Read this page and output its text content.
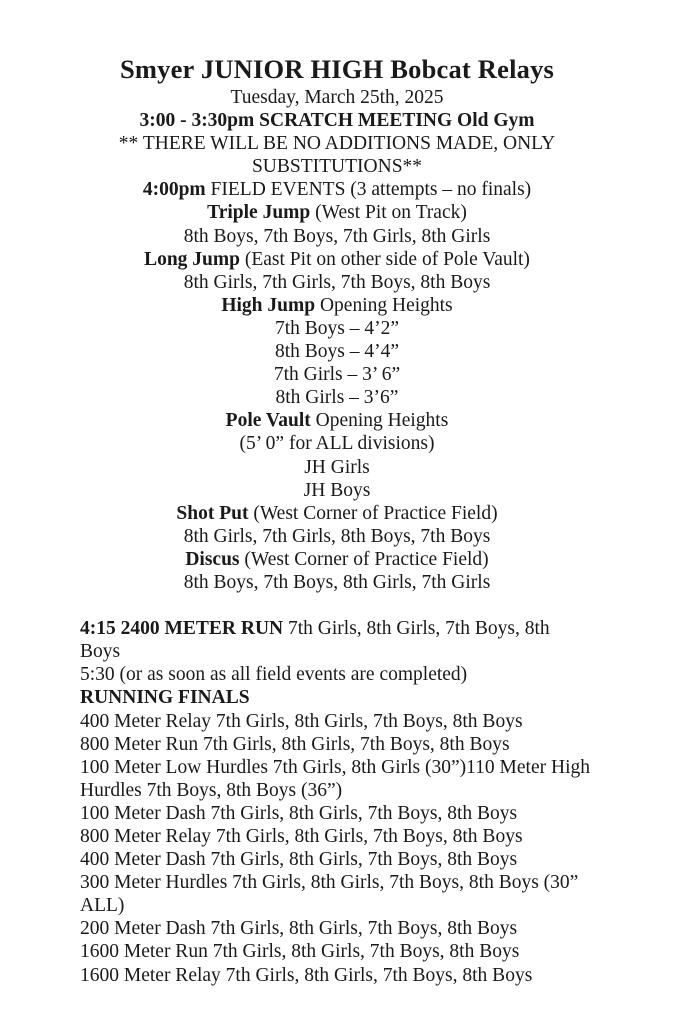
Smyer JUNIOR HIGH Bobcat Relays

Tuesday, March 25th, 2025

3:00 - 3:30pm SCRATCH MEETING Old Gym

** THERE WILL BE NO ADDITIONS MADE, ONLY SUBSTITUTIONS**

4:00pm FIELD EVENTS (3 attempts – no finals)

Triple Jump (West Pit on Track)

8th Boys, 7th Boys, 7th Girls, 8th Girls

Long Jump (East Pit on other side of Pole Vault)

8th Girls, 7th Girls, 7th Boys, 8th Boys

High Jump Opening Heights

7th Boys – 4’2”

8th Boys – 4’4”

7th Girls – 3’ 6”

8th Girls – 3’6”

Pole Vault Opening Heights

(5’ 0” for ALL divisions)

JH Girls

JH Boys

Shot Put (West Corner of Practice Field)

8th Girls, 7th Girls, 8th Boys, 7th Boys

Discus (West Corner of Practice Field)

8th Boys, 7th Boys, 8th Girls, 7th Girls

4:15 2400 METER RUN 7th Girls, 8th Girls, 7th Boys, 8th Boys

5:30 (or as soon as all field events are completed)

RUNNING FINALS

400 Meter Relay 7th Girls, 8th Girls, 7th Boys, 8th Boys

800 Meter Run 7th Girls, 8th Girls, 7th Boys, 8th Boys

100 Meter Low Hurdles 7th Girls, 8th Girls (30”)110 Meter High Hurdles 7th Boys, 8th Boys (36”)

100 Meter Dash 7th Girls, 8th Girls, 7th Boys, 8th Boys

800 Meter Relay 7th Girls, 8th Girls, 7th Boys, 8th Boys

400 Meter Dash 7th Girls, 8th Girls, 7th Boys, 8th Boys

300 Meter Hurdles 7th Girls, 8th Girls, 7th Boys, 8th Boys (30” ALL)

200 Meter Dash 7th Girls, 8th Girls, 7th Boys, 8th Boys

1600 Meter Run 7th Girls, 8th Girls, 7th Boys, 8th Boys

1600 Meter Relay 7th Girls, 8th Girls, 7th Boys, 8th Boys
